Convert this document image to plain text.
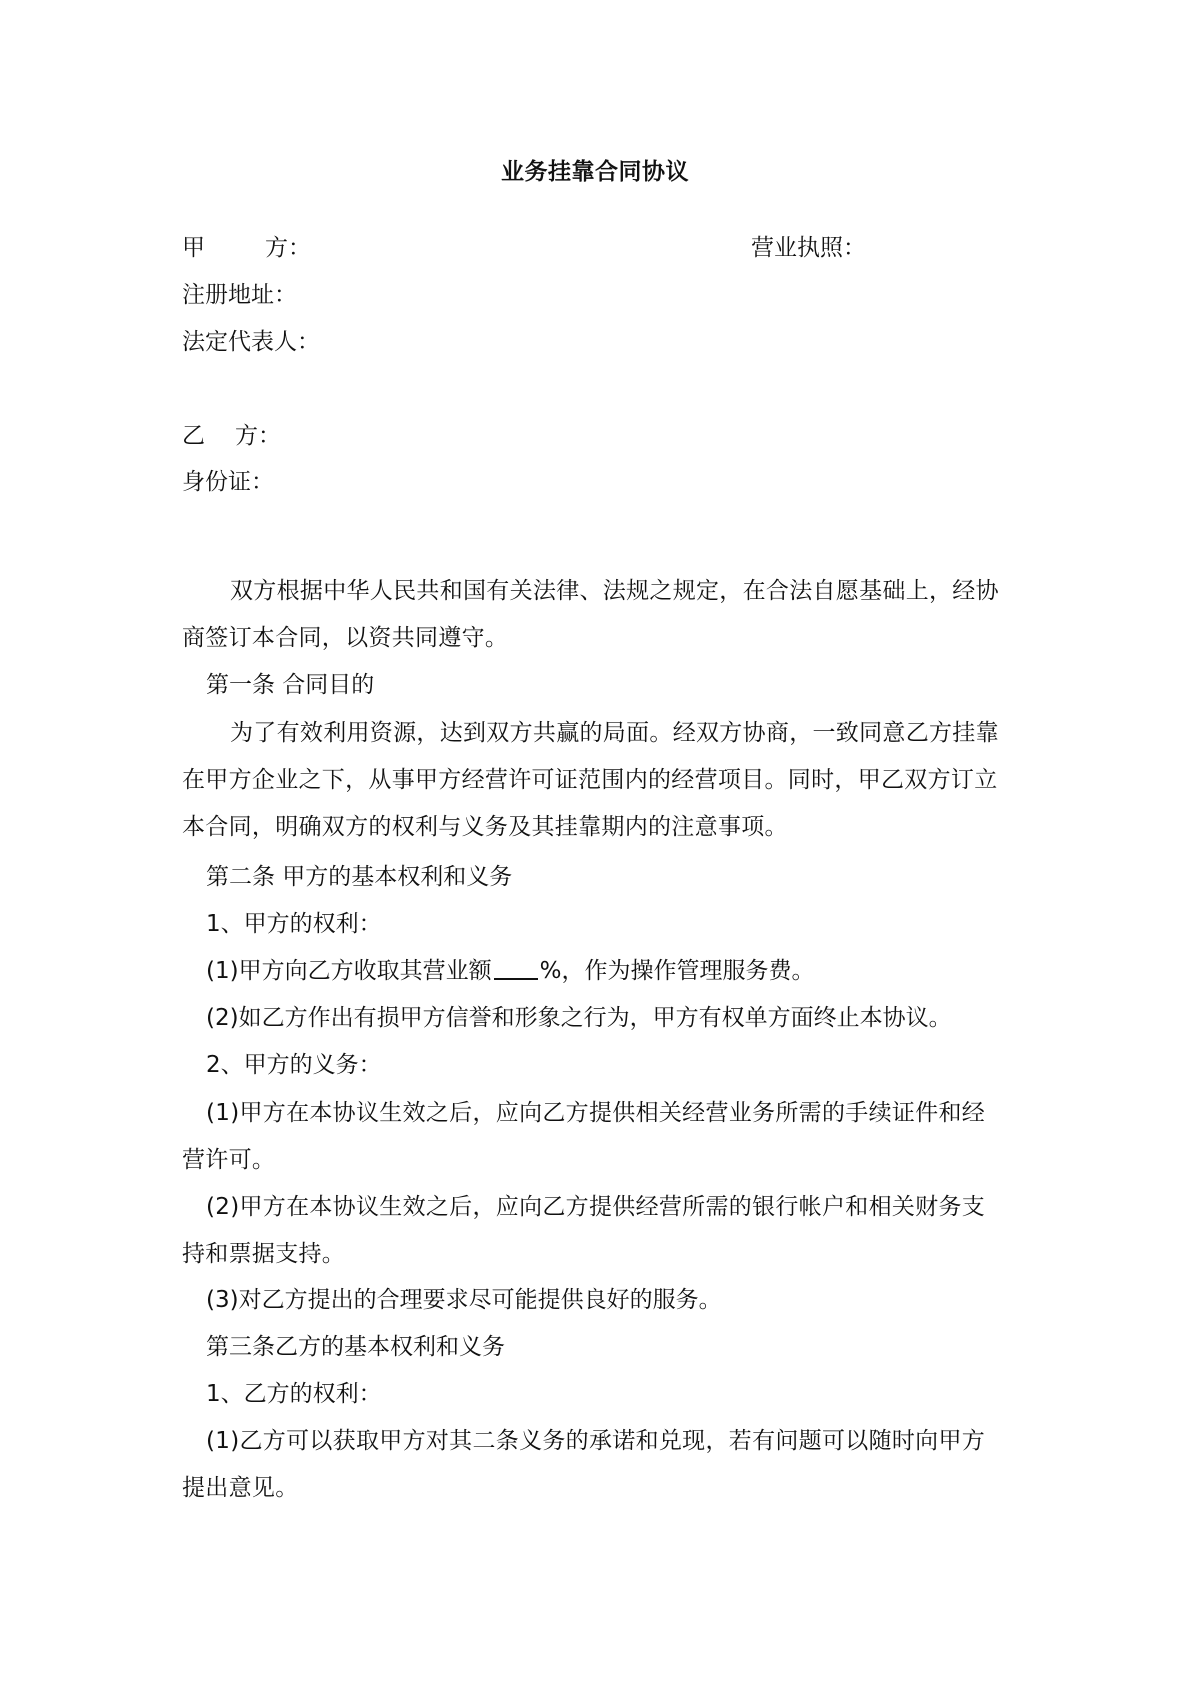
业务挂靠合同协议
甲	方：	营业执照：
注册地址：
法定代表人：
乙 方：
身份证：
双方根据中华人民共和国有关法律、法规之规定，在合法自愿基础上，经协
商签订本合同，以资共同遵守。
第一条 合同目的
为了有效利用资源，达到双方共赢的局面。经双方协商，一致同意乙方挂靠
在甲方企业之下，从事甲方经营许可证范围内的经营项目。同时，甲乙双方订立
本合同，明确双方的权利与义务及其挂靠期内的注意事项。
第二条 甲方的基本权利和义务
1、甲方的权利：
(1)甲方向乙方收取其营业额 %，作为操作管理服务费。
(2)如乙方作出有损甲方信誉和形象之行为，甲方有权单方面终止本协议。
2、甲方的义务：
(1)甲方在本协议生效之后，应向乙方提供相关经营业务所需的手续证件和经
营许可。
(2)甲方在本协议生效之后，应向乙方提供经营所需的银行帐户和相关财务支
持和票据支持。
(3)对乙方提出的合理要求尽可能提供良好的服务。
第三条乙方的基本权利和义务
1、乙方的权利：
(1)乙方可以获取甲方对其二条义务的承诺和兑现，若有问题可以随时向甲方
提出意见。
